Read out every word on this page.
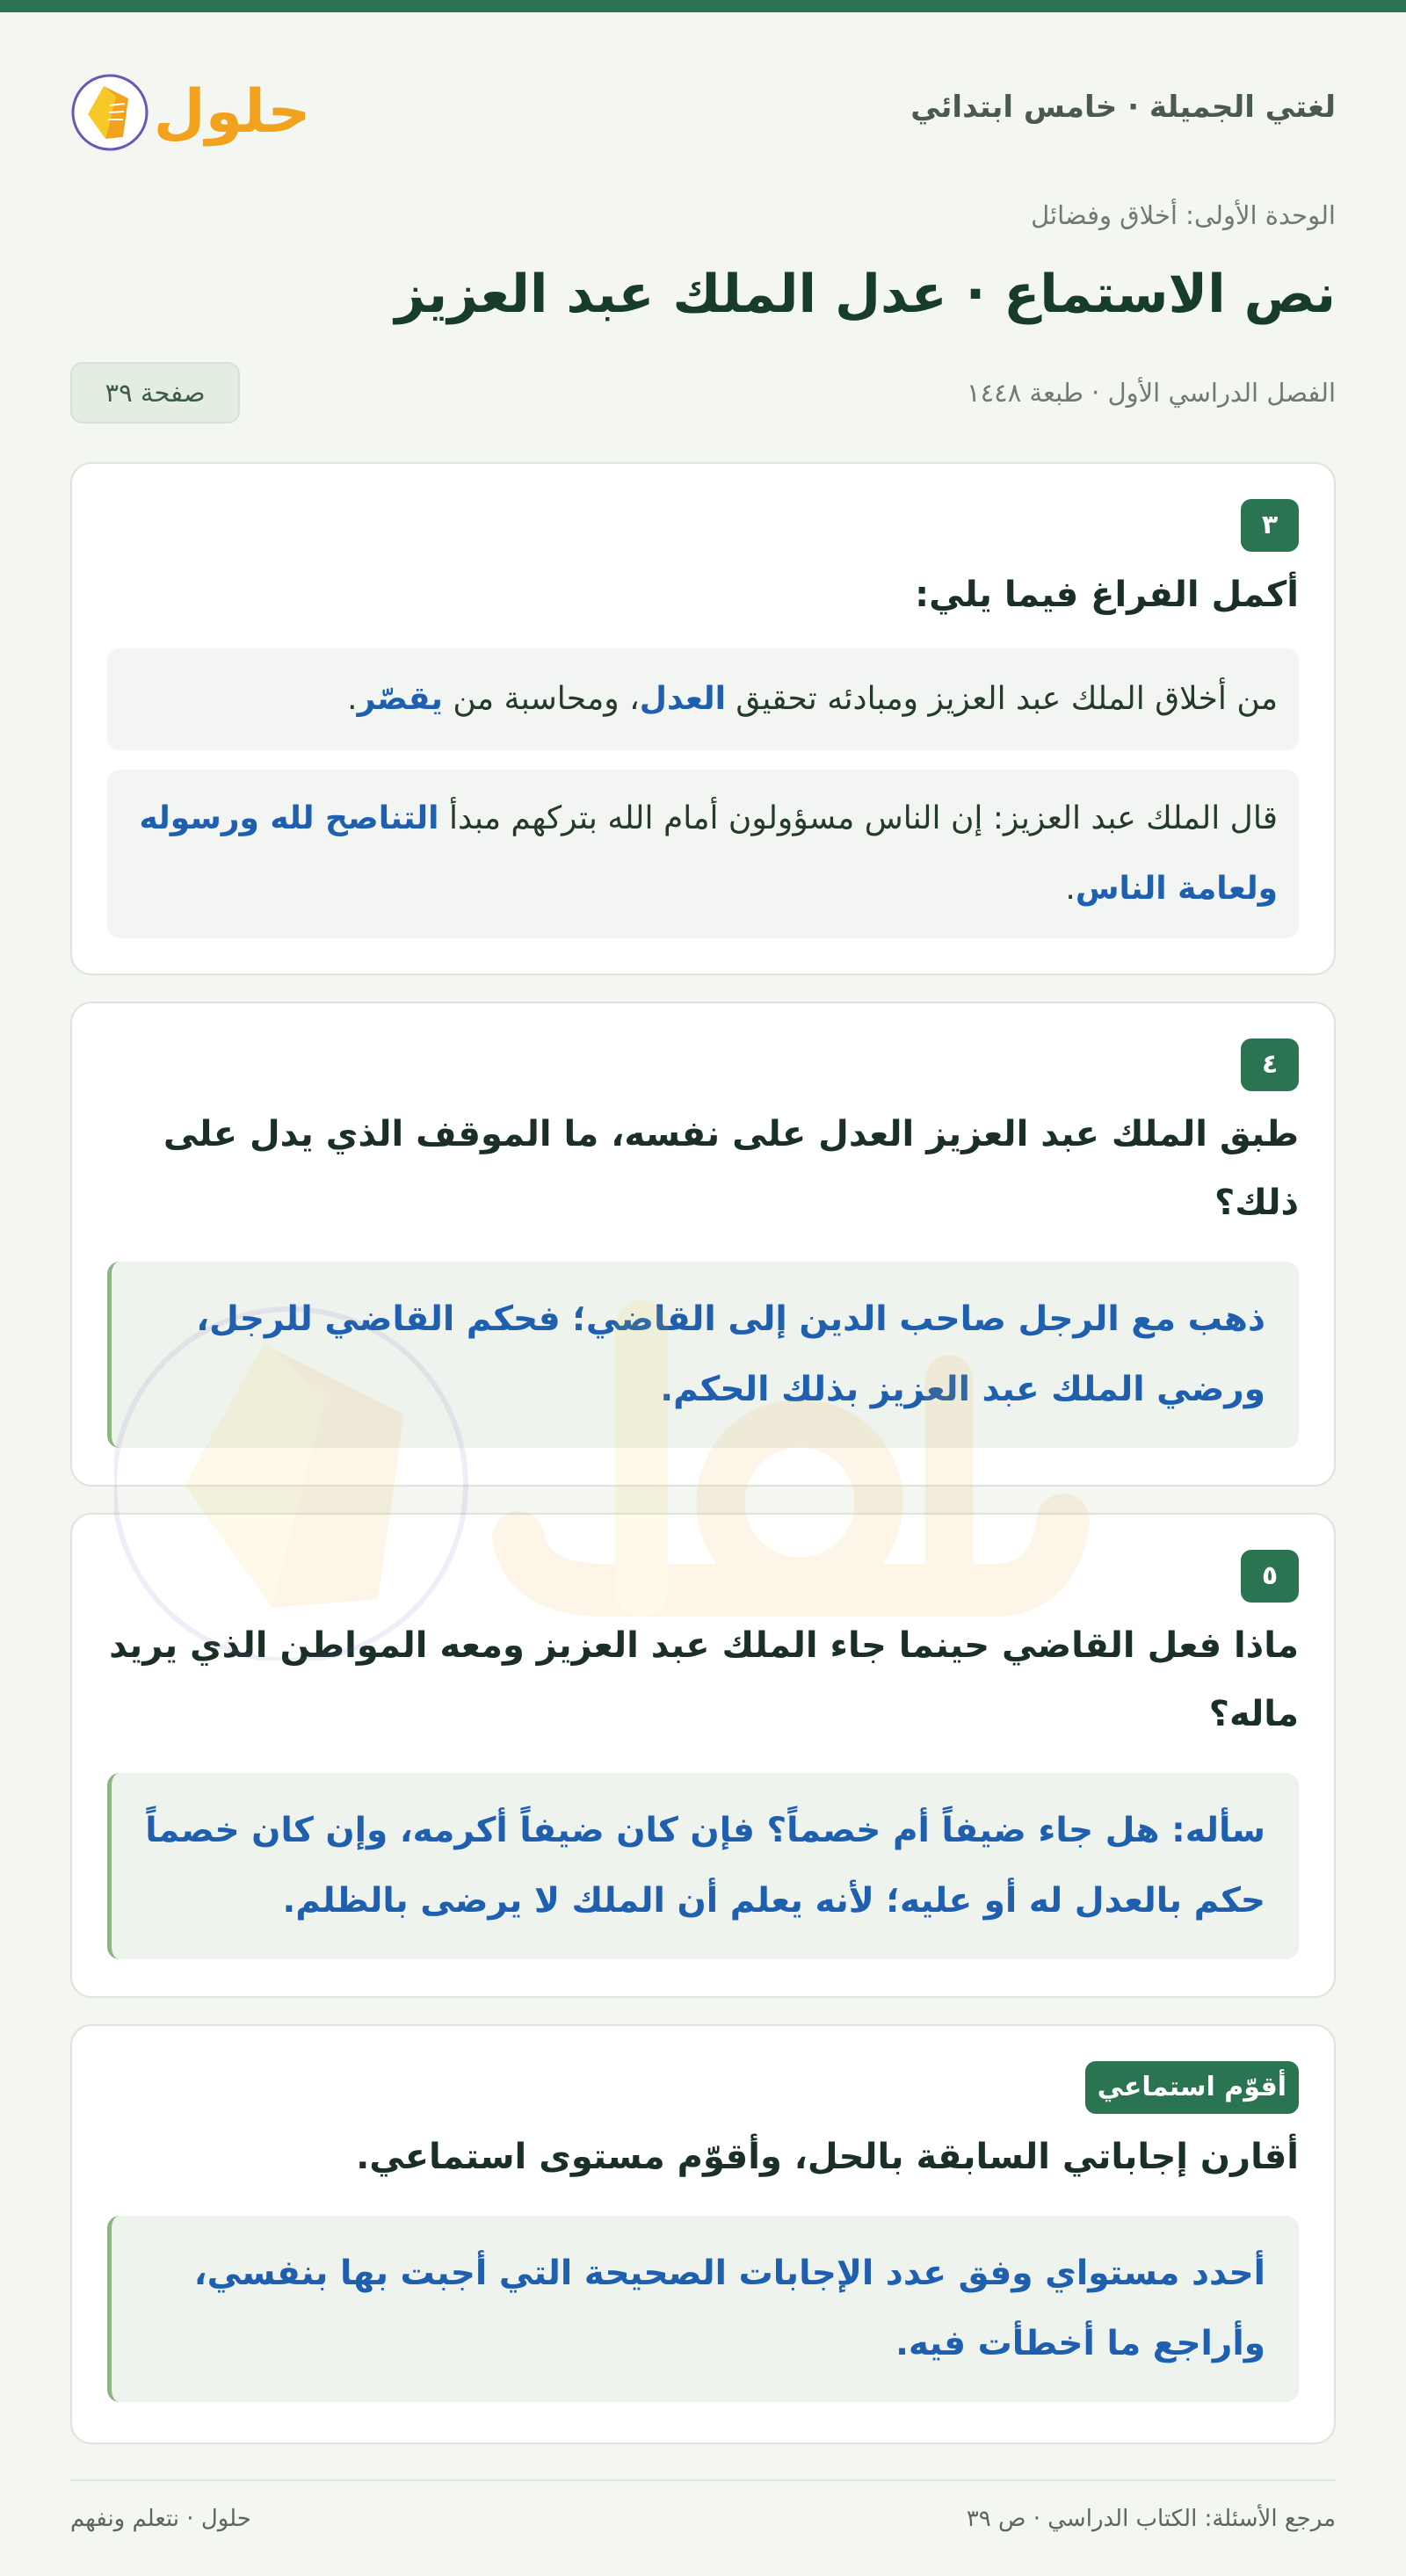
لغتي الجميلة · خامس ابتدائي
حلول
الوحدة الأولى: أخلاق وفضائل
نص الاستماع · عدل الملك عبد العزيز
الفصل الدراسي الأول · طبعة ١٤٤٨
صفحة ٣٩
٣
أكمل الفراغ فيما يلي:
من أخلاق الملك عبد العزيز ومبادئه تحقيق العدل، ومحاسبة من يقصّر.
قال الملك عبد العزيز: إن الناس مسؤولون أمام الله بتركهم مبدأ التناصح لله ورسوله ولعامة الناس.
٤
طبق الملك عبد العزيز العدل على نفسه، ما الموقف الذي يدل على ذلك؟
ذهب مع الرجل صاحب الدين إلى القاضي؛ فحكم القاضي للرجل، ورضي الملك عبد العزيز بذلك الحكم.
٥
ماذا فعل القاضي حينما جاء الملك عبد العزيز ومعه المواطن الذي يريد ماله؟
سأله: هل جاء ضيفاً أم خصماً؟ فإن كان ضيفاً أكرمه، وإن كان خصماً حكم بالعدل له أو عليه؛ لأنه يعلم أن الملك لا يرضى بالظلم.
أقوّم استماعي
أقارن إجاباتي السابقة بالحل، وأقوّم مستوى استماعي.
أحدد مستواي وفق عدد الإجابات الصحيحة التي أجبت بها بنفسي، وأراجع ما أخطأت فيه.
مرجع الأسئلة: الكتاب الدراسي · ص ٣٩
حلول · نتعلم ونفهم
